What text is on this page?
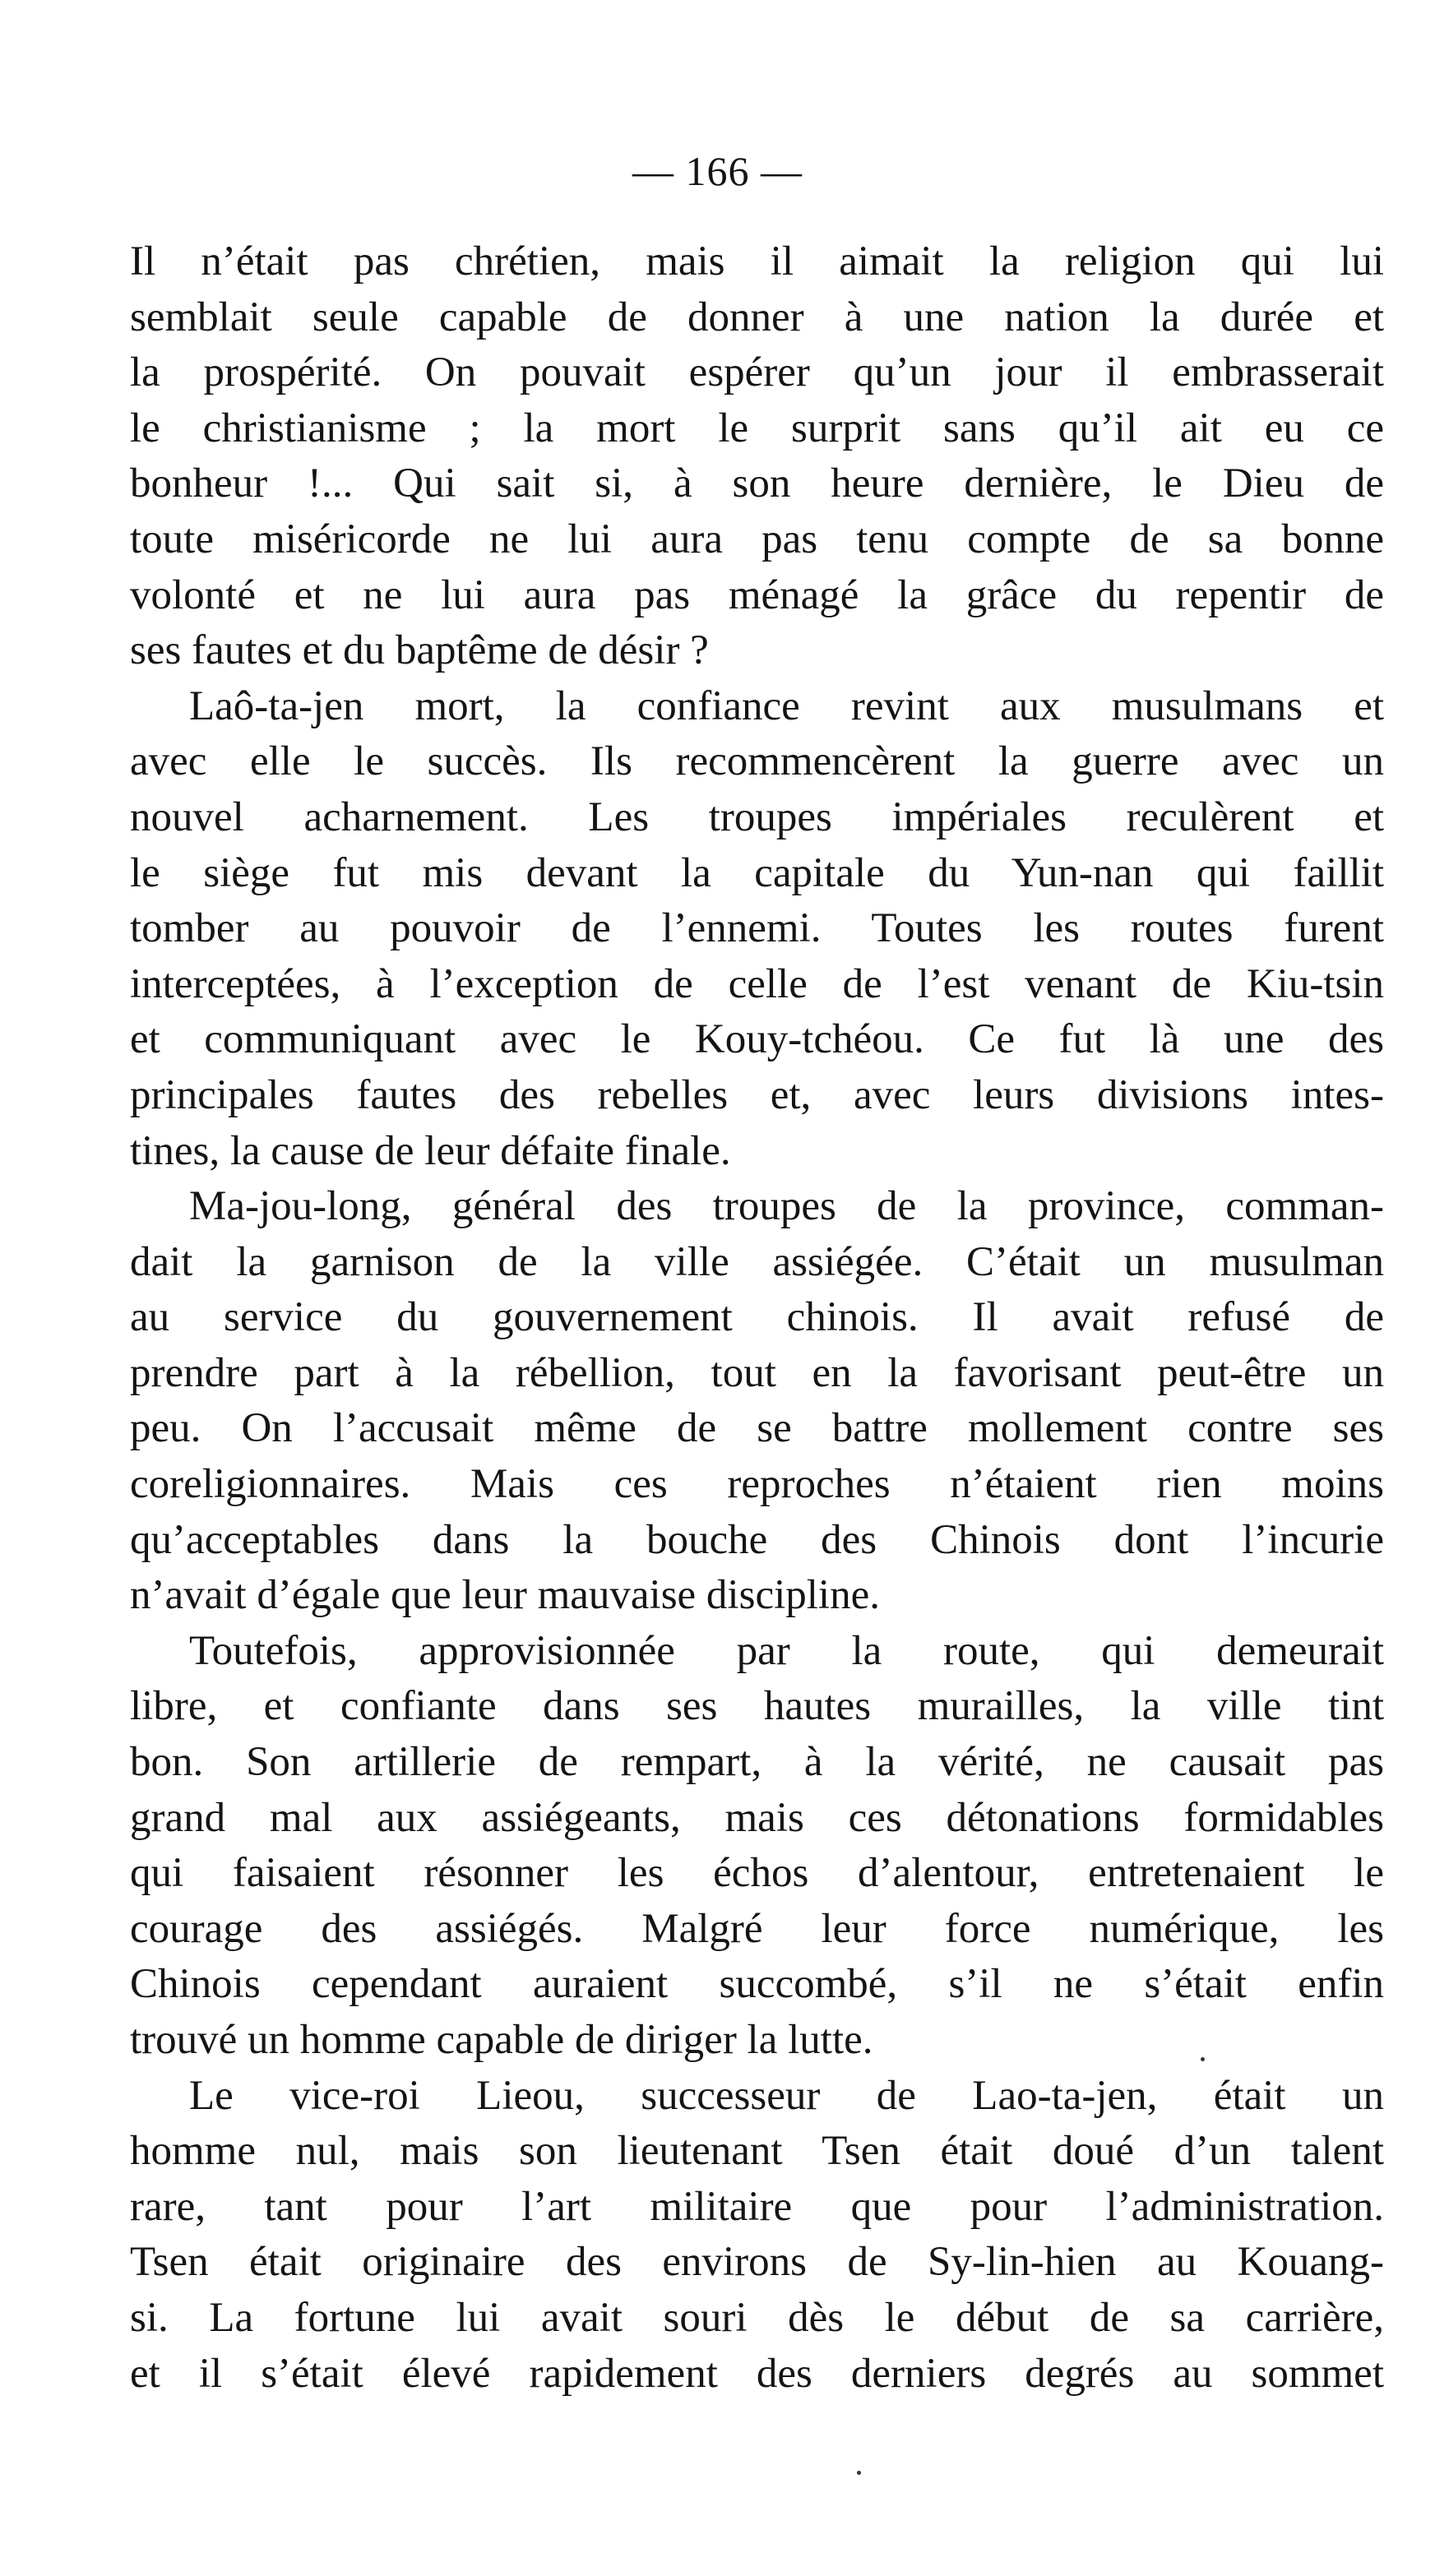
— 166 —
Il n’était pas chrétien, mais il aimait la religion qui lui
semblait seule capable de donner à une nation la durée et
la prospérité. On pouvait espérer qu’un jour il embrasserait
le christianisme ; la mort le surprit sans qu’il ait eu ce
bonheur !... Qui sait si, à son heure dernière, le Dieu de
toute miséricorde ne lui aura pas tenu compte de sa bonne
volonté et ne lui aura pas ménagé la grâce du repentir de
ses fautes et du baptême de désir ?
Laô-ta-jen mort, la confiance revint aux musulmans et
avec elle le succès. Ils recommencèrent la guerre avec un
nouvel acharnement. Les troupes impériales reculèrent et
le siège fut mis devant la capitale du Yun-nan qui faillit
tomber au pouvoir de l’ennemi. Toutes les routes furent
interceptées, à l’exception de celle de l’est venant de Kiu-tsin
et communiquant avec le Kouy-tchéou. Ce fut là une des
principales fautes des rebelles et, avec leurs divisions intes-
tines, la cause de leur défaite finale.
Ma-jou-long, général des troupes de la province, comman-
dait la garnison de la ville assiégée. C’était un musulman
au service du gouvernement chinois. Il avait refusé de
prendre part à la rébellion, tout en la favorisant peut-être un
peu. On l’accusait même de se battre mollement contre ses
coreligionnaires. Mais ces reproches n’étaient rien moins
qu’acceptables dans la bouche des Chinois dont l’incurie
n’avait d’égale que leur mauvaise discipline.
Toutefois, approvisionnée par la route, qui demeurait
libre, et confiante dans ses hautes murailles, la ville tint
bon. Son artillerie de rempart, à la vérité, ne causait pas
grand mal aux assiégeants, mais ces détonations formidables
qui faisaient résonner les échos d’alentour, entretenaient le
courage des assiégés. Malgré leur force numérique, les
Chinois cependant auraient succombé, s’il ne s’était enfin
trouvé un homme capable de diriger la lutte.
Le vice-roi Lieou, successeur de Lao-ta-jen, était un
homme nul, mais son lieutenant Tsen était doué d’un talent
rare, tant pour l’art militaire que pour l’administration.
Tsen était originaire des environs de Sy-lin-hien au Kouang-
si. La fortune lui avait souri dès le début de sa carrière,
et il s’était élevé rapidement des derniers degrés au sommet
